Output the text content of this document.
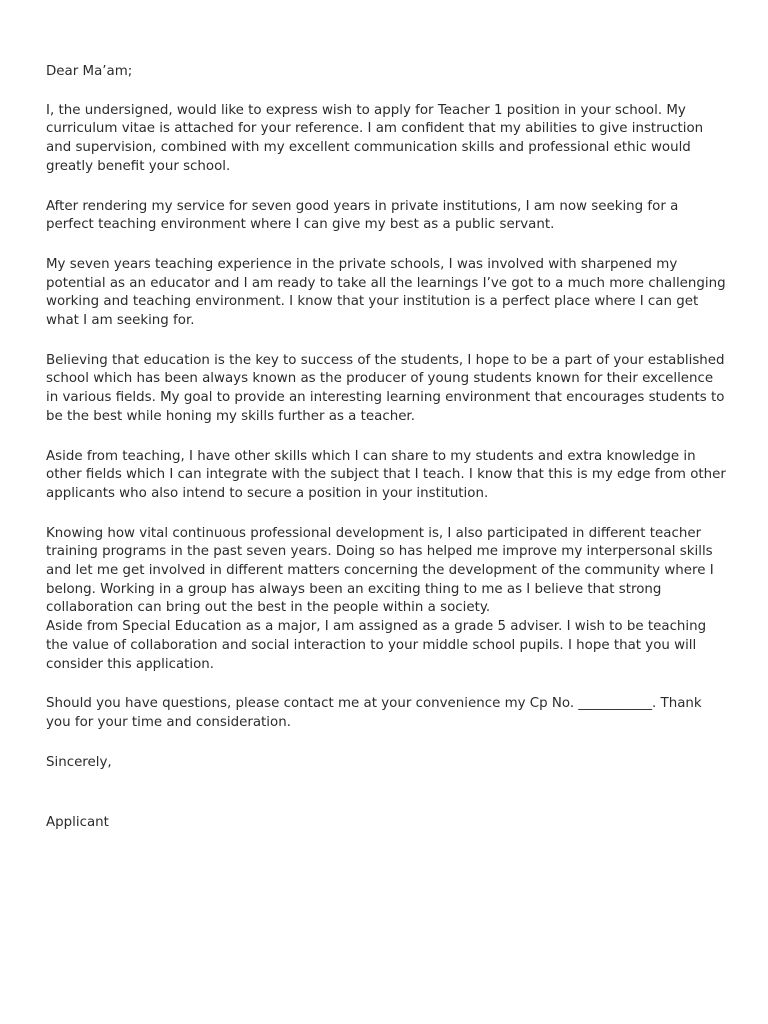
Dear Ma’am;

I, the undersigned, would like to express wish to apply for Teacher 1 position in your school. My curriculum vitae is attached for your reference. I am confident that my abilities to give instruction and supervision, combined with my excellent communication skills and professional ethic would greatly benefit your school.

After rendering my service for seven good years in private institutions, I am now seeking for a perfect teaching environment where I can give my best as a public servant.

My seven years teaching experience in the private schools, I was involved with sharpened my potential as an educator and I am ready to take all the learnings I’ve got to a much more challenging working and teaching environment. I know that your institution is a perfect place where I can get what I am seeking for.

Believing that education is the key to success of the students, I hope to be a part of your established school which has been always known as the producer of young students known for their excellence in various fields. My goal to provide an interesting learning environment that encourages students to be the best while honing my skills further as a teacher.

Aside from teaching, I have other skills which I can share to my students and extra knowledge in other fields which I can integrate with the subject that I teach. I know that this is my edge from other applicants who also intend to secure a position in your institution.

Knowing how vital continuous professional development is, I also participated in different teacher training programs in the past seven years. Doing so has helped me improve my interpersonal skills and let me get involved in different matters concerning the development of the community where I belong. Working in a group has always been an exciting thing to me as I believe that strong collaboration can bring out the best in the people within a society.

Aside from Special Education as a major, I am assigned as a grade 5 adviser. I wish to be teaching the value of collaboration and social interaction to your middle school pupils. I hope that you will consider this application.

Should you have questions, please contact me at your convenience my Cp No. ___________. Thank you for your time and consideration.

Sincerely,

Applicant
